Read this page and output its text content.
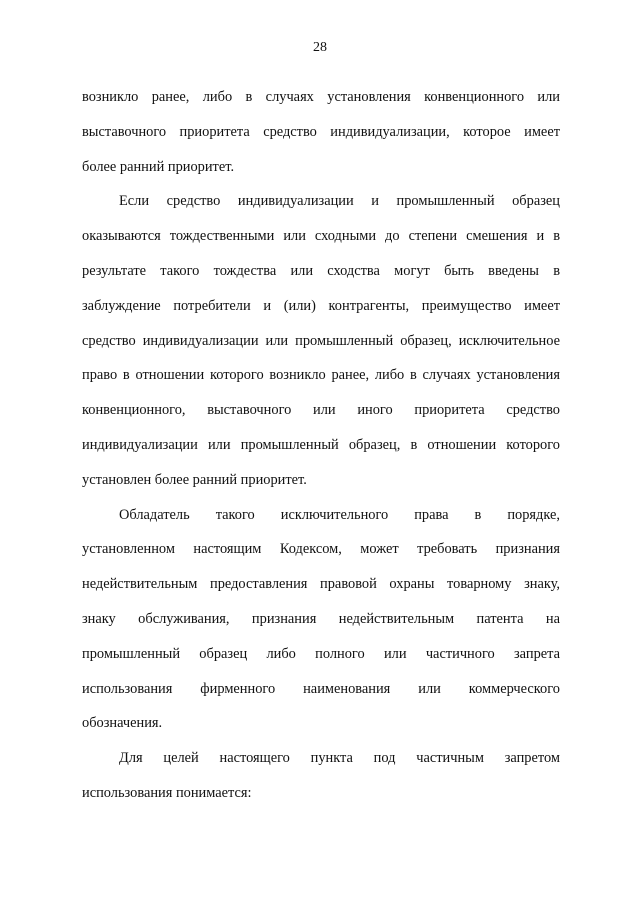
28
возникло ранее, либо в случаях установления конвенционного или
выставочного приоритета средство индивидуализации, которое имеет
более ранний приоритет.
Если средство индивидуализации и промышленный образец
оказываются тождественными или сходными до степени смешения и в
результате такого тождества или сходства могут быть введены в
заблуждение потребители и (или) контрагенты, преимущество имеет
средство индивидуализации или промышленный образец, исключительное
право в отношении которого возникло ранее, либо в случаях установления
конвенционного, выставочного или иного приоритета средство
индивидуализации или промышленный образец, в отношении которого
установлен более ранний приоритет.
Обладатель такого исключительного права в порядке,
установленном настоящим Кодексом, может требовать признания
недействительным предоставления правовой охраны товарному знаку,
знаку обслуживания, признания недействительным патента на
промышленный образец либо полного или частичного запрета
использования фирменного наименования или коммерческого
обозначения.
Для целей настоящего пункта под частичным запретом
использования понимается:
